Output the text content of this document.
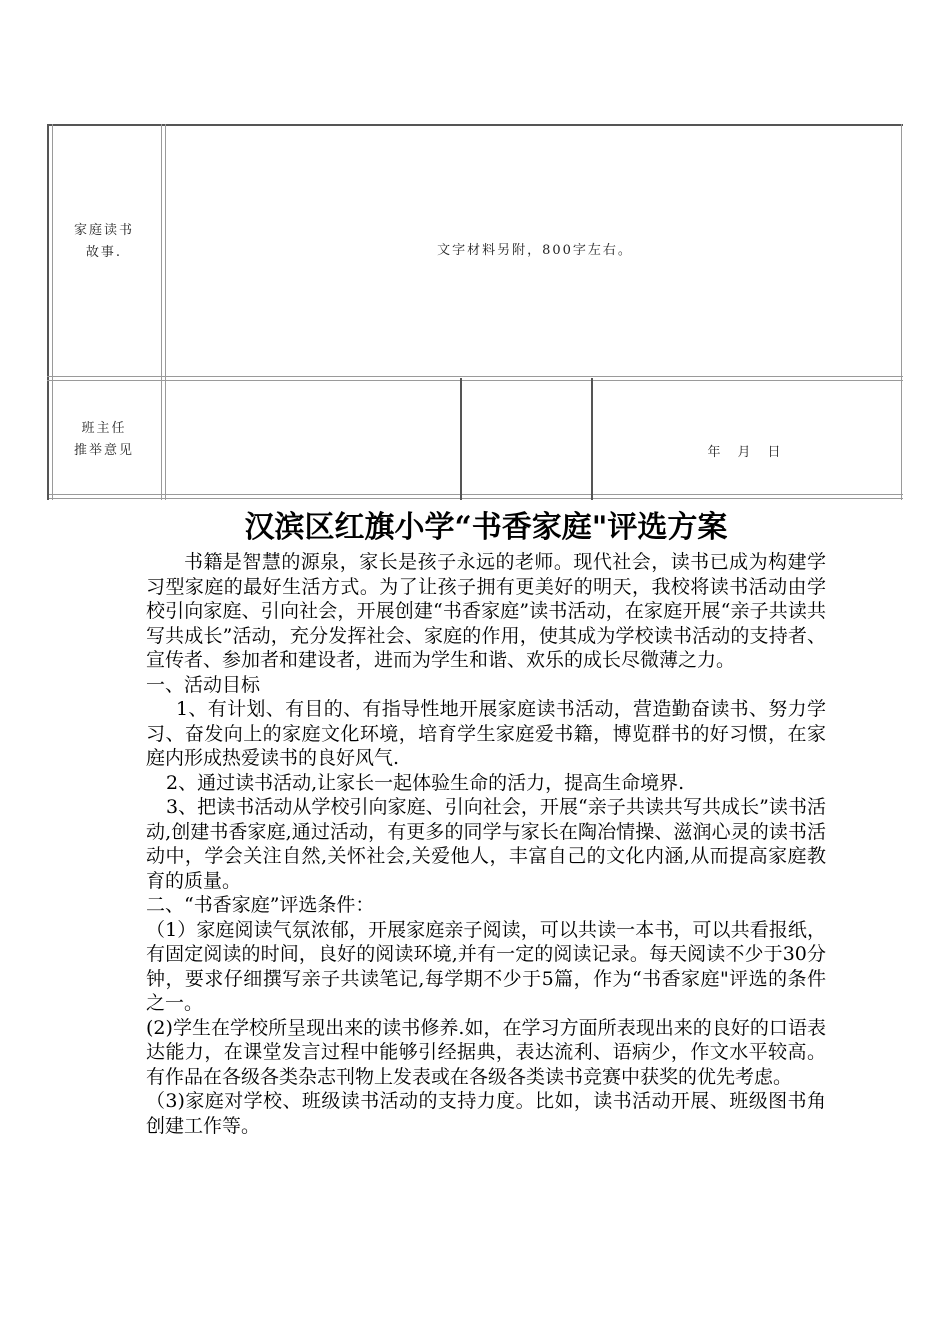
家庭读书故事.	文字材料另附，800字左右。
班主任
推举意见	年　月　日
汉滨区红旗小学“书香家庭"评选方案

书籍是智慧的源泉，家长是孩子永远的老师。现代社会，读书已成为构建学习型家庭的最好生活方式。为了让孩子拥有更美好的明天，我校将读书活动由学校引向家庭、引向社会，开展创建“书香家庭”读书活动，在家庭开展“亲子共读共写共成长”活动，充分发挥社会、家庭的作用，使其成为学校读书活动的支持者、宣传者、参加者和建设者，进而为学生和谐、欢乐的成长尽微薄之力。

一、活动目标

1、有计划、有目的、有指导性地开展家庭读书活动，营造勤奋读书、努力学习、奋发向上的家庭文化环境，培育学生家庭爱书籍，博览群书的好习惯，在家庭内形成热爱读书的良好风气.

2、通过读书活动,让家长一起体验生命的活力，提高生命境界.

3、把读书活动从学校引向家庭、引向社会，开展“亲子共读共写共成长”读书活动,创建书香家庭,通过活动，有更多的同学与家长在陶冶情操、滋润心灵的读书活动中，学会关注自然,关怀社会,关爱他人，丰富自己的文化内涵,从而提高家庭教育的质量。

二、“书香家庭”评选条件：

（1）家庭阅读气氛浓郁，开展家庭亲子阅读，可以共读一本书，可以共看报纸，有固定阅读的时间，良好的阅读环境,并有一定的阅读记录。每天阅读不少于30分钟，要求仔细撰写亲子共读笔记,每学期不少于5篇，作为“书香家庭"评选的条件之一。

(2)学生在学校所呈现出来的读书修养.如，在学习方面所表现出来的良好的口语表达能力，在课堂发言过程中能够引经据典，表达流利、语病少，作文水平较高。有作品在各级各类杂志刊物上发表或在各级各类读书竞赛中获奖的优先考虑。

（3)家庭对学校、班级读书活动的支持力度。比如，读书活动开展、班级图书角创建工作等。
